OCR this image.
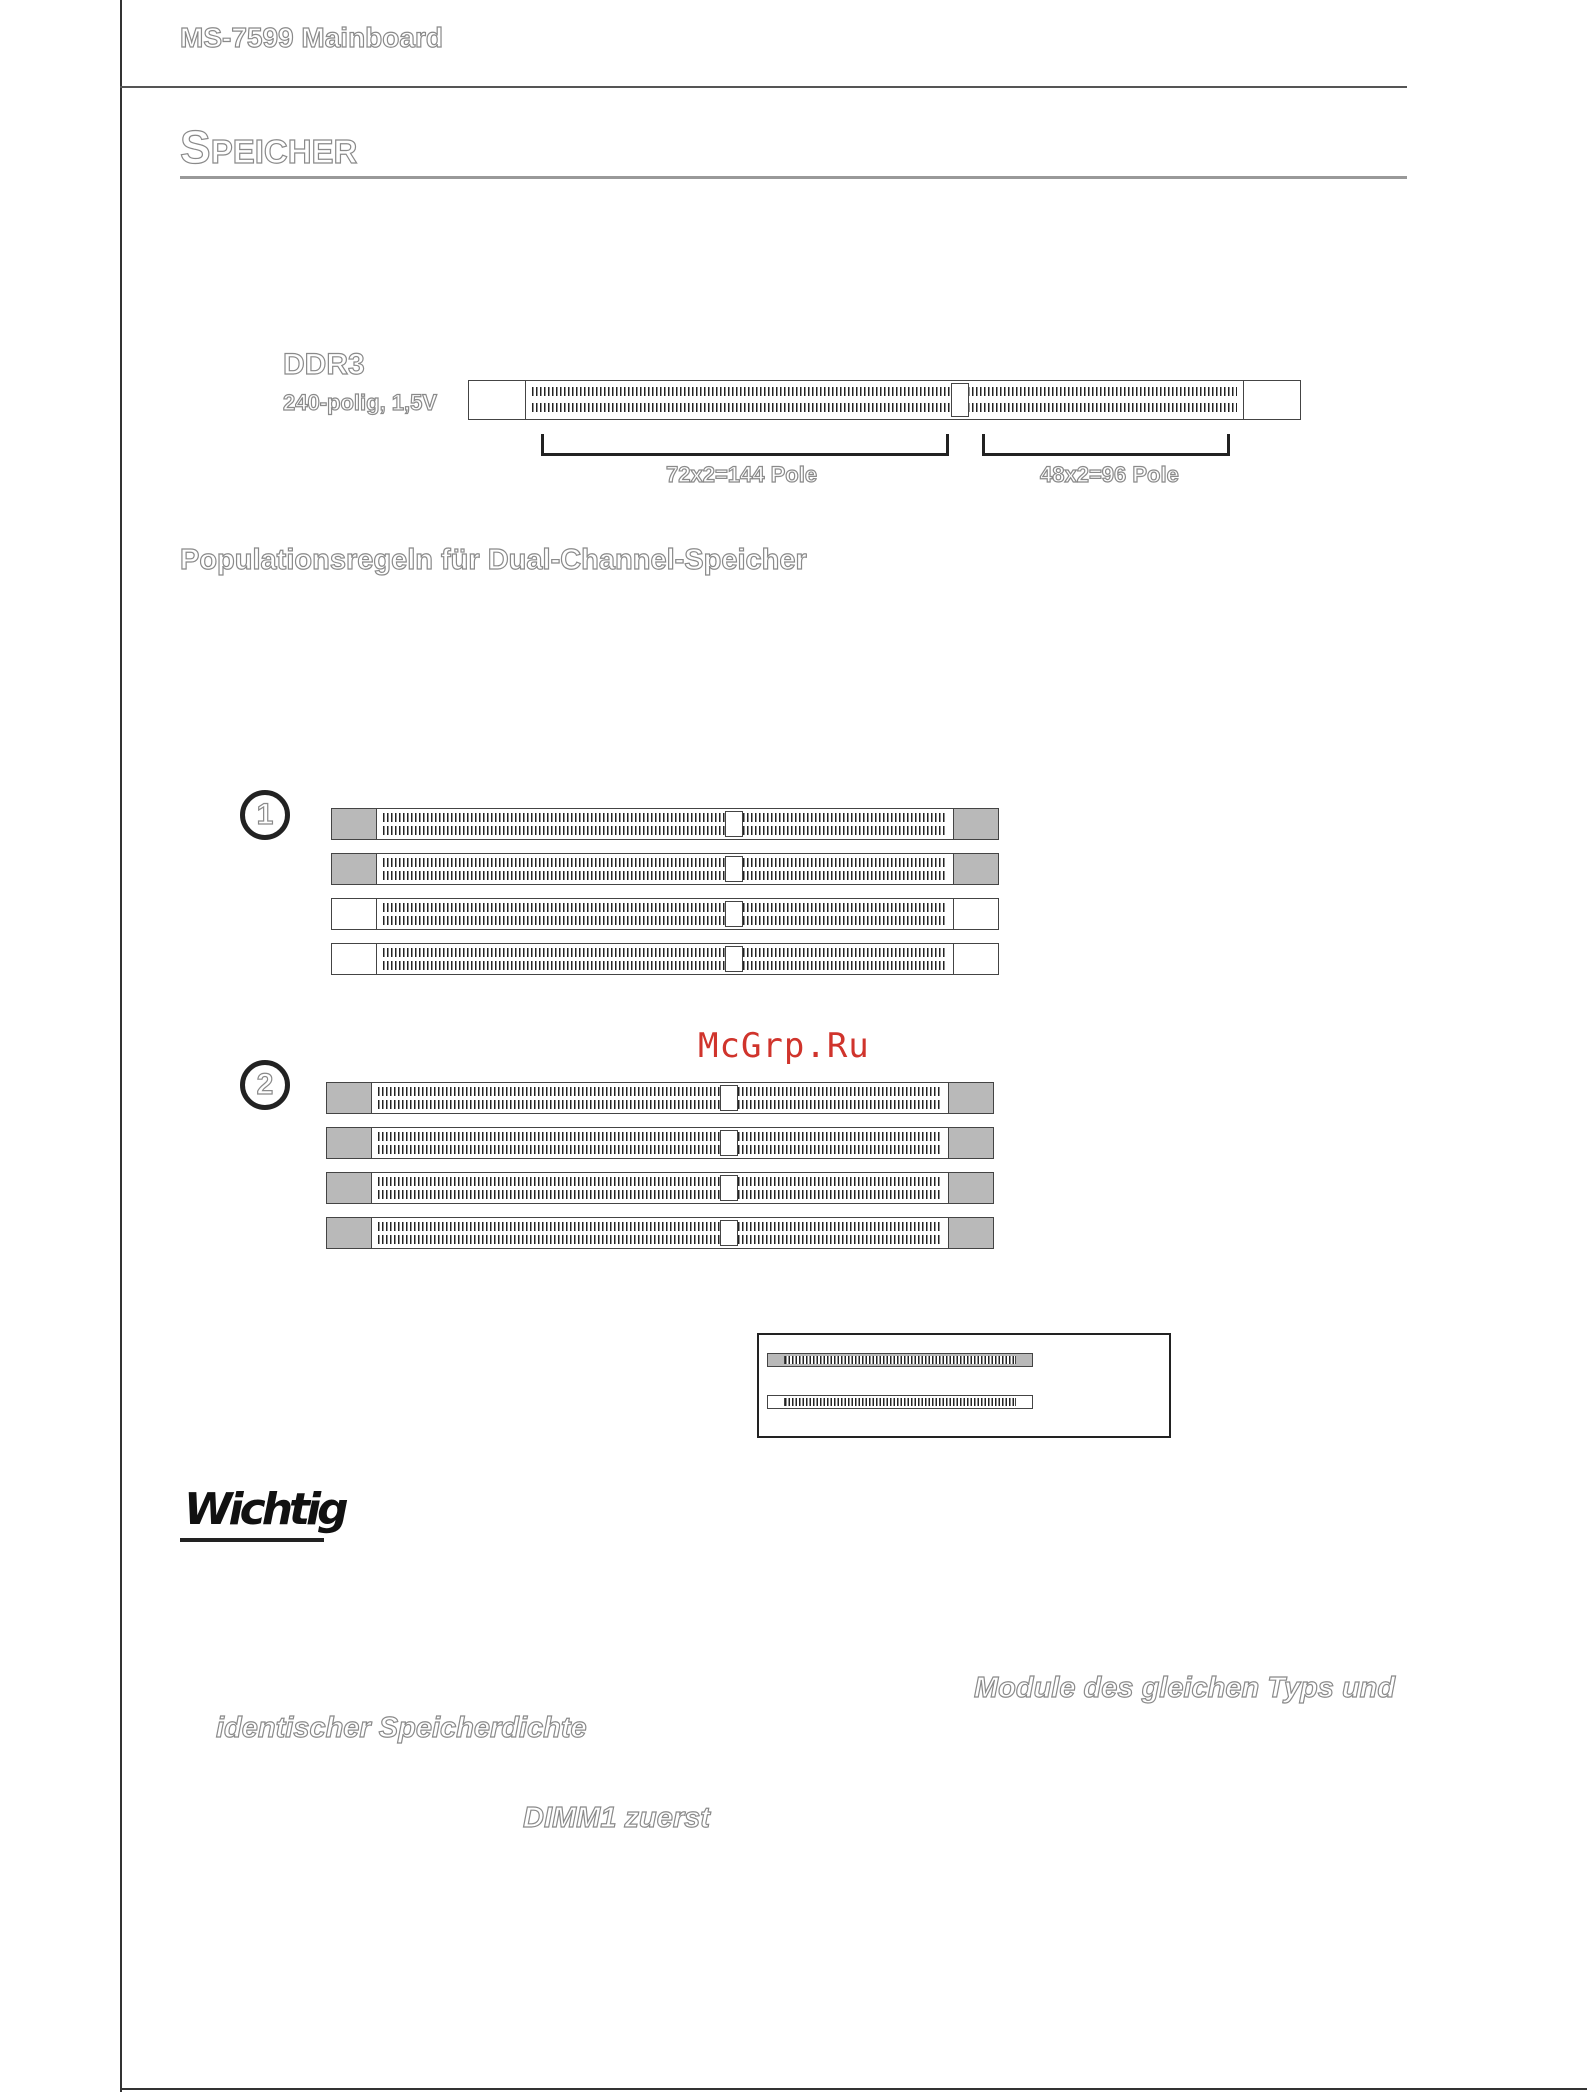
MS-7599 Mainboard
SPEICHER
DDR3
240-polig, 1,5V
72x2=144 Pole	48x2=96 Pole
Populationsregeln für Dual-Channel-Speicher
1
McGrp.Ru
2
Wichtig
Module des gleichen Typs und
identischer Speicherdichte
DIMM1 zuerst
